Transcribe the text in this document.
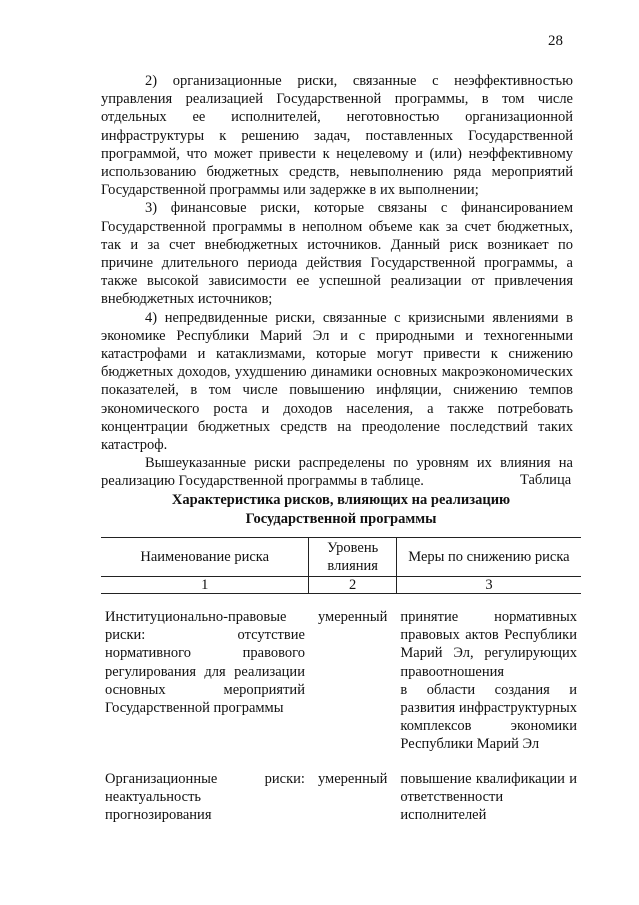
28

2) организационные риски, связанные с неэффективностью управления реализацией Государственной программы, в том числе отдельных ее исполнителей, неготовностью организационной инфраструктуры к решению задач, поставленных Государственной программой, что может привести к нецелевому и (или) неэффективному использованию бюджетных средств, невыполнению ряда мероприятий Государственной программы или задержке в их выполнении;

3) финансовые риски, которые связаны с финансированием Государственной программы в неполном объеме как за счет бюджетных, так и за счет внебюджетных источников. Данный риск возникает по причине длительного периода действия Государственной программы, а также высокой зависимости ее успешной реализации от привлечения внебюджетных источников;

4) непредвиденные риски, связанные с кризисными явлениями в экономике Республики Марий Эл и с природными и техногенными катастрофами и катаклизмами, которые могут привести к снижению бюджетных доходов, ухудшению динамики основных макроэкономических показателей, в том числе повышению инфляции, снижению темпов экономического роста и доходов населения, а также потребовать концентрации бюджетных средств на преодоление последствий таких катастроф.

Вышеуказанные риски распределены по уровням их влияния на реализацию Государственной программы в таблице.	Таблица
Характеристика рисков, влияющих на реализацию
Государственной программы
Наименование риска	Уровень влияния	Меры по снижению риска
1	2	3

Институционально-правовые риски: отсутствие нормативного правового регулирования для реализации основных мероприятий Государственной программы	умеренный	принятие нормативных правовых актов Республики Марий Эл, регулирующих правоотношения
в области создания и развития инфраструктурных комплексов экономики Республики Марий Эл

Организационные риски: неактуальность прогнозирования	умеренный	повышение квалификации и ответственности исполнителей
